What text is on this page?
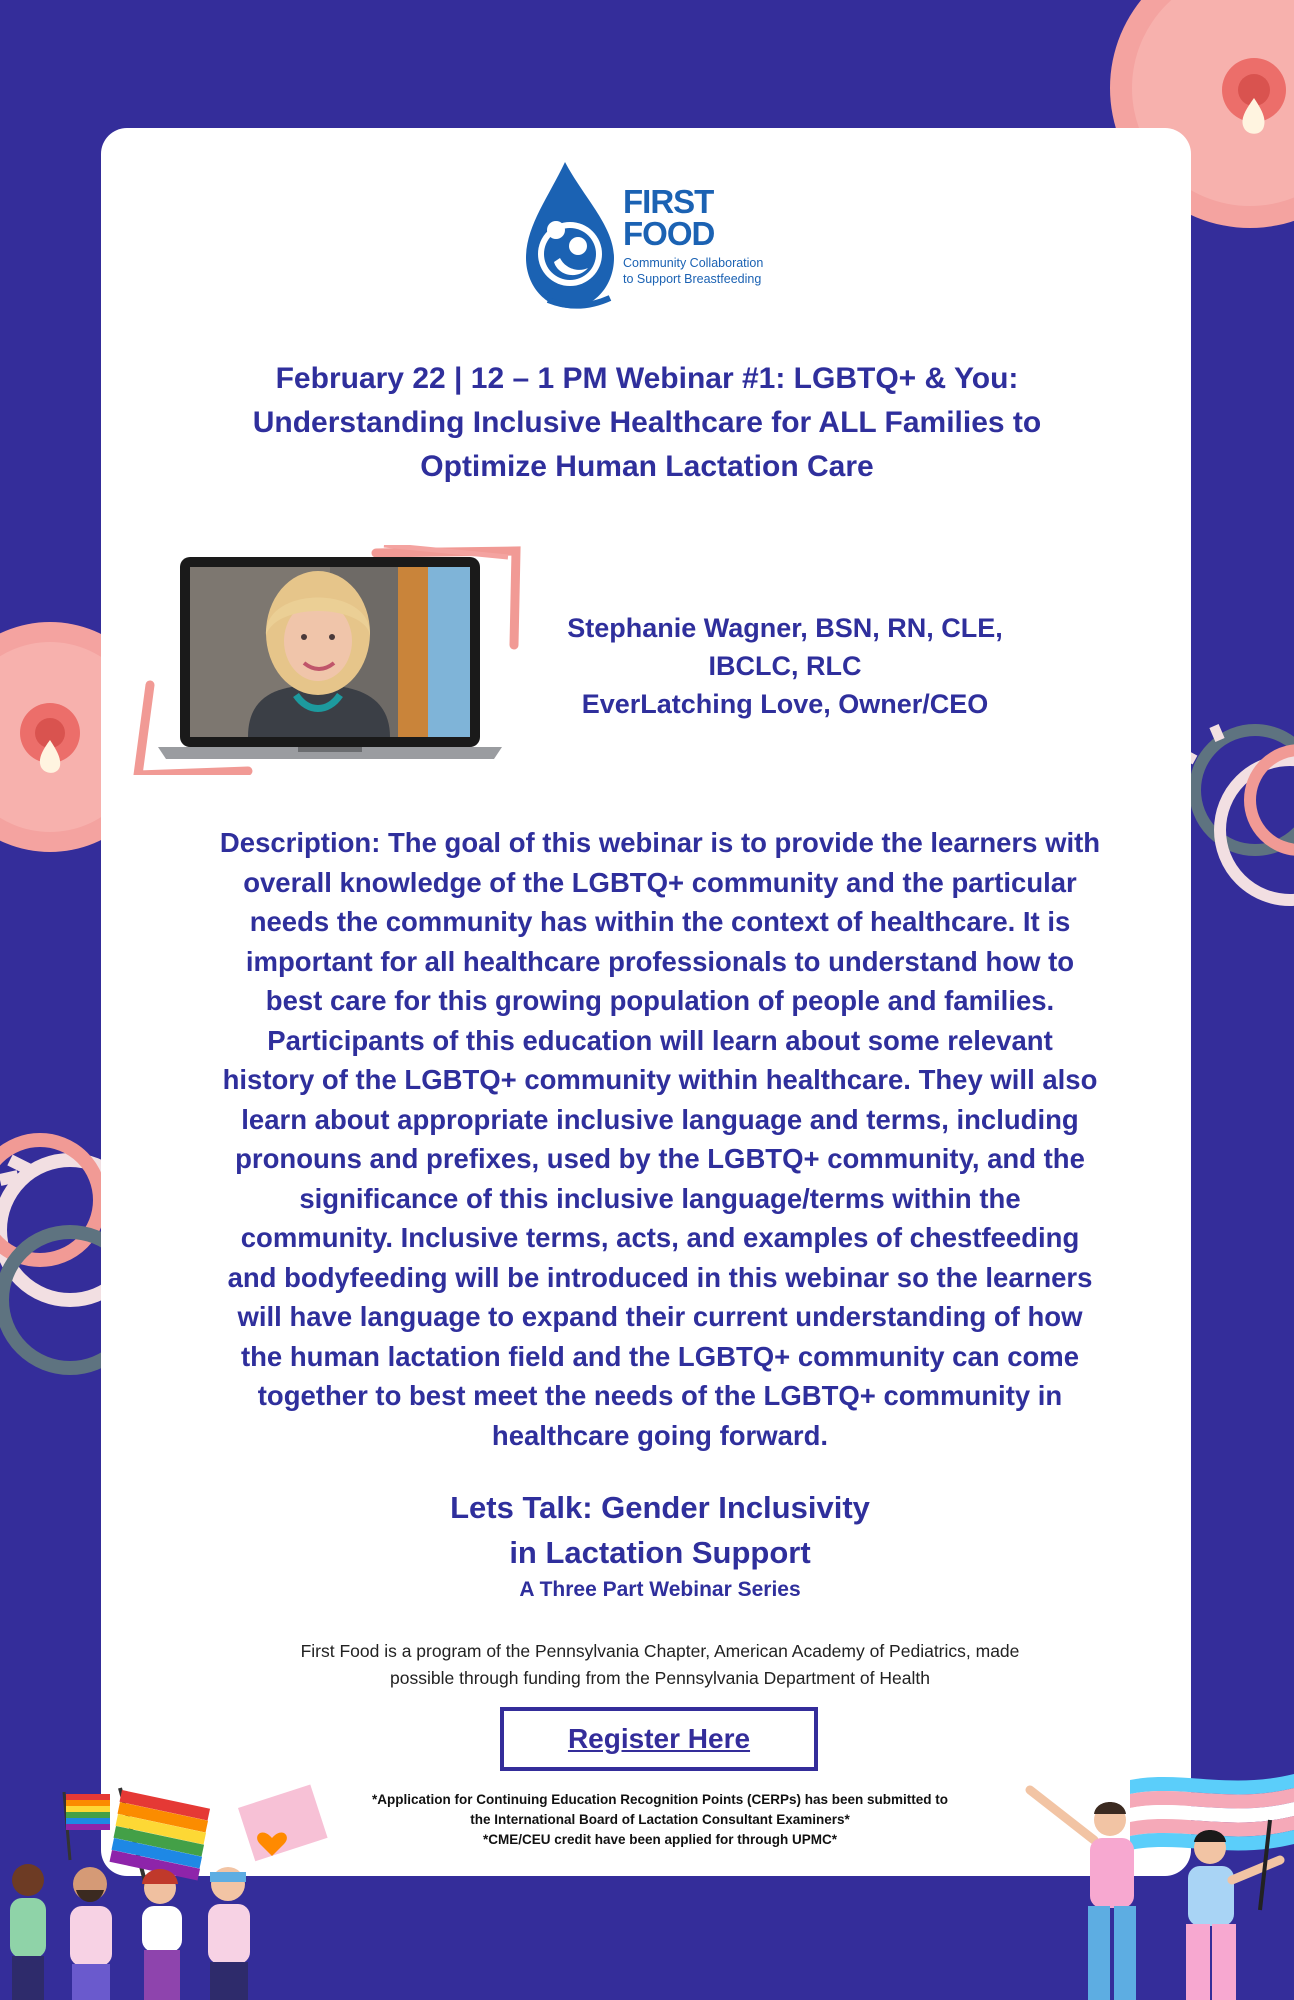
FIRST
FOOD
Community Collaboration
to Support Breastfeeding
February 22 | 12 – 1 PM Webinar #1: LGBTQ+ & You:
Understanding Inclusive Healthcare for ALL Families to
Optimize Human Lactation Care
Stephanie Wagner, BSN, RN, CLE,
IBCLC, RLC
EverLatching Love, Owner/CEO
Description: The goal of this webinar is to provide the learners with
overall knowledge of the LGBTQ+ community and the particular
needs the community has within the context of healthcare. It is
important for all healthcare professionals to understand how to
best care for this growing population of people and families.
Participants of this education will learn about some relevant
history of the LGBTQ+ community within healthcare. They will also
learn about appropriate inclusive language and terms, including
pronouns and prefixes, used by the LGBTQ+ community, and the
significance of this inclusive language/terms within the
community. Inclusive terms, acts, and examples of chestfeeding
and bodyfeeding will be introduced in this webinar so the learners
will have language to expand their current understanding of how
the human lactation field and the LGBTQ+ community can come
together to best meet the needs of the LGBTQ+ community in
healthcare going forward.
Lets Talk: Gender Inclusivity
in Lactation Support
A Three Part Webinar Series
First Food is a program of the Pennsylvania Chapter, American Academy of Pediatrics, made
possible through funding from the Pennsylvania Department of Health
Register Here
*Application for Continuing Education Recognition Points (CERPs) has been submitted to
the International Board of Lactation Consultant Examiners*
*CME/CEU credit have been applied for through UPMC*
